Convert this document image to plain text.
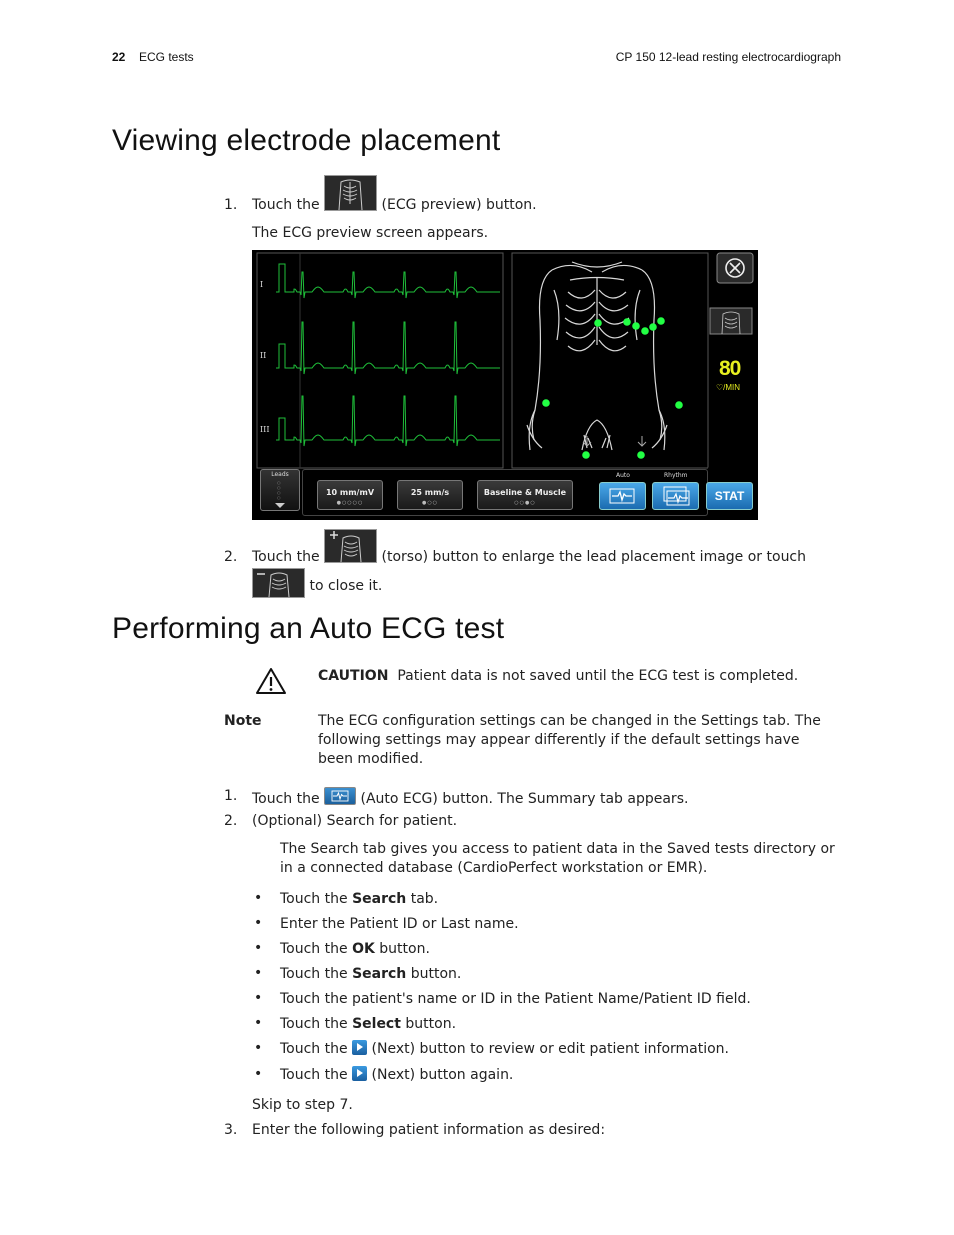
22 ECG tests	CP 150 12-lead resting electrocardiograph
Viewing electrode placement
1. Touch the	(ECG preview) button.
The ECG preview screen appears.
I
II
III
80
♡/MIN
Leads
○
○
○
○
10 mm/mV
●○○○○
25 mm/s
●○○
Baseline & Muscle
○○●○
Auto	Rhythm
STAT
2. Touch the	(torso) button to enlarge the lead placement image or touch
to close it.
Performing an Auto ECG test
CAUTION Patient data is not saved until the ECG test is completed.
Note	The ECG configuration settings can be changed in the Settings tab. The following settings may appear differently if the default settings have been modified.
1. Touch the	(Auto ECG) button. The Summary tab appears.
2. (Optional) Search for patient.
The Search tab gives you access to patient data in the Saved tests directory or in a connected database (CardioPerfect workstation or EMR).
• Touch the Search tab.
• Enter the Patient ID or Last name.
• Touch the OK button.
• Touch the Search button.
• Touch the patient's name or ID in the Patient Name/Patient ID field.
• Touch the Select button.
• Touch the  (Next) button to review or edit patient information.
• Touch the  (Next) button again.
Skip to step 7.
3. Enter the following patient information as desired:
